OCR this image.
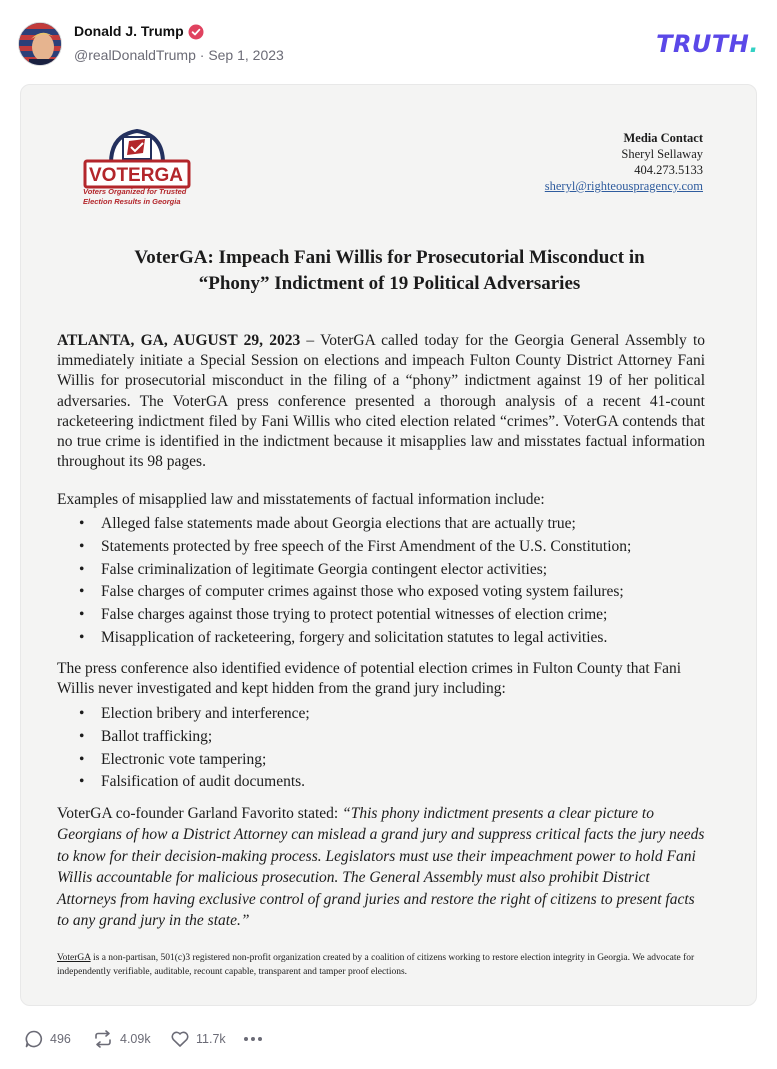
Donald J. Trump
@realDonaldTrump · Sep 1, 2023	TRUTH.
VOTERGA
Voters Organized for Trusted
Election Results in Georgia
Media Contact
Sheryl Sellaway
404.273.5133
sheryl@righteouspragency.com
VoterGA: Impeach Fani Willis for Prosecutorial Misconduct in
“Phony” Indictment of 19 Political Adversaries
ATLANTA, GA, AUGUST 29, 2023 – VoterGA called today for the Georgia General Assembly to immediately initiate a Special Session on elections and impeach Fulton County District Attorney Fani Willis for prosecutorial misconduct in the filing of a “phony” indictment against 19 of her political adversaries. The VoterGA press conference presented a thorough analysis of a recent 41-count racketeering indictment filed by Fani Willis who cited election related “crimes”. VoterGA contends that no true crime is identified in the indictment because it misapplies law and misstates factual information throughout its 98 pages.
Examples of misapplied law and misstatements of factual information include:
• Alleged false statements made about Georgia elections that are actually true;
• Statements protected by free speech of the First Amendment of the U.S. Constitution;
• False criminalization of legitimate Georgia contingent elector activities;
• False charges of computer crimes against those who exposed voting system failures;
• False charges against those trying to protect potential witnesses of election crime;
• Misapplication of racketeering, forgery and solicitation statutes to legal activities.
The press conference also identified evidence of potential election crimes in Fulton County that Fani Willis never investigated and kept hidden from the grand jury including:
• Election bribery and interference;
• Ballot trafficking;
• Electronic vote tampering;
• Falsification of audit documents.
VoterGA co-founder Garland Favorito stated: “This phony indictment presents a clear picture to Georgians of how a District Attorney can mislead a grand jury and suppress critical facts the jury needs to know for their decision-making process. Legislators must use their impeachment power to hold Fani Willis accountable for malicious prosecution. The General Assembly must also prohibit District Attorneys from having exclusive control of grand juries and restore the right of citizens to present facts to any grand jury in the state.”
VoterGA is a non-partisan, 501(c)3 registered non-profit organization created by a coalition of citizens working to restore election integrity in Georgia. We advocate for independently verifiable, auditable, recount capable, transparent and tamper proof elections.
496	4.09k	11.7k
